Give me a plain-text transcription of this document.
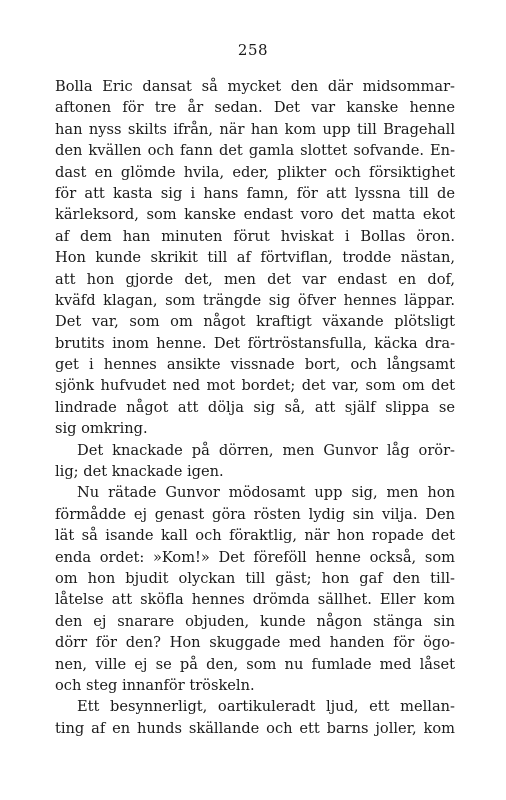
258
Bolla Eric dansat så mycket den där midsommar-
aftonen för tre år sedan. Det var kanske henne
han nyss skilts ifrån, när han kom upp till Bragehall
den kvällen och fann det gamla slottet sofvande. En-
dast en glömde hvila, eder, plikter och försiktighet
för att kasta sig i hans famn, för att lyssna till de
kärleksord, som kanske endast voro det matta ekot
af dem han minuten förut hviskat i Bollas öron.
Hon kunde skrikit till af förtviflan, trodde nästan,
att hon gjorde det, men det var endast en dof,
kväfd klagan, som trängde sig öfver hennes läppar.
Det var, som om något kraftigt växande plötsligt
brutits inom henne. Det förtröstansfulla, käcka dra-
get i hennes ansikte vissnade bort, och långsamt
sjönk hufvudet ned mot bordet; det var, som om det
lindrade något att dölja sig så, att själf slippa se
sig omkring.
Det knackade på dörren, men Gunvor låg orör-
lig; det knackade igen.
Nu rätade Gunvor mödosamt upp sig, men hon
förmådde ej genast göra rösten lydig sin vilja. Den
lät så isande kall och föraktlig, när hon ropade det
enda ordet: »Kom!» Det föreföll henne också, som
om hon bjudit olyckan till gäst; hon gaf den till-
låtelse att sköfla hennes drömda sällhet. Eller kom
den ej snarare objuden, kunde någon stänga sin
dörr för den? Hon skuggade med handen för ögo-
nen, ville ej se på den, som nu fumlade med låset
och steg innanför tröskeln.
Ett besynnerligt, oartikuleradt ljud, ett mellan-
ting af en hunds skällande och ett barns joller, kom
